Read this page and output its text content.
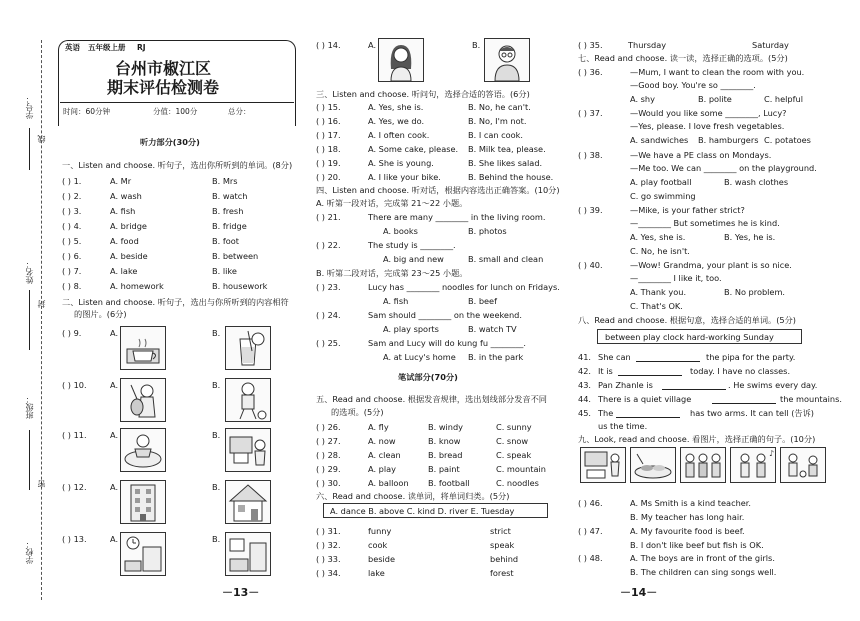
学号：
姓名：
班级：
学校：
线
封
密
英语 五年级上册 RJ
台州市椒江区
期末评估检测卷
时间：60分钟	分值：100分	总分：
听力部分(30分)
一、Listen and choose. 听句子，选出你所听到的单词。(8分)
( ) 1.	A. Mr	B. Mrs
( ) 2.	A. wash	B. watch
( ) 3.	A. fish	B. fresh
( ) 4.	A. bridge	B. fridge
( ) 5.	A. food	B. foot
( ) 6.	A. beside	B. between
( ) 7.	A. lake	B. like
( ) 8.	A. homework	B. housework
二、Listen and choose. 听句子，选出与你所听到的内容相符
的图片。(6分)
( ) 9.	A.	B.
( ) 10.	A.	B.
( ) 11.	A.	B.
( ) 12.	A.	B.
( ) 13.	A.	B.
－13－
( ) 14.	A.	B.
三、Listen and choose. 听问句，选择合适的答语。(6分)
( ) 15.	A. Yes, she is.	B. No, he can't.
( ) 16.	A. Yes, we do.	B. No, I'm not.
( ) 17.	A. I often cook.	B. I can cook.
( ) 18.	A. Some cake, please. B. Milk tea, please.
( ) 19.	A. She is young.	B. She likes salad.
( ) 20.	A. I like your bike.	B. Behind the house.
四、Listen and choose. 听对话，根据内容选出正确答案。(10分)
A. 听第一段对话，完成第 21～22 小题。
( ) 21.	There are many ________ in the living room.
A. books	B. photos
( ) 22.	The study is ________.
A. big and new	B. small and clean
B. 听第二段对话，完成第 23～25 小题。
( ) 23.	Lucy has ________ noodles for lunch on Fridays.
A. fish	B. beef
( ) 24.	Sam should ________ on the weekend.
A. play sports	B. watch TV
( ) 25.	Sam and Lucy will do kung fu ________.
A. at Lucy's home B. in the park
笔试部分(70分)
五、Read and choose. 根据发音规律，选出划线部分发音不同
的选项。(5分)
( ) 26.	A. fly	B. windy	C. sunny
( ) 27.	A. now	B. know	C. snow
( ) 28.	A. clean	B. bread	C. speak
( ) 29.	A. play	B. paint	C. mountain
( ) 30.	A. balloon B. football	C. noodles
六、Read and choose. 读单词，将单词归类。(5分)
A. dance B. above C. kind D. river E. Tuesday
( ) 31.	funny	strict
( ) 32.	cook	speak
( ) 33.	beside	behind
( ) 34.	lake	forest
( ) 35.	Thursday	Saturday
七、Read and choose. 读一读，选择正确的选项。(5分)
( ) 36.	—Mum, I want to clean the room with you.
—Good boy. You're so ________.
A. shy	B. polite	C. helpful
( ) 37.	—Would you like some ________, Lucy?
—Yes, please. I love fresh vegetables.
A. sandwiches B. hamburgers C. potatoes
( ) 38.	—We have a PE class on Mondays.
—Me too. We can ________ on the playground.
A. play football	B. wash clothes
C. go swimming
( ) 39.	—Mike, is your father strict?
—________ But sometimes he is kind.
A. Yes, she is.	B. Yes, he is.
C. No, he isn't.
( ) 40.	—Wow! Grandma, your plant is so nice.
—________ I like it, too.
A. Thank you.	B. No problem.
C. That's OK.
八、Read and choose. 根据句意，选择合适的单词。(5分)
between play clock hard-working Sunday
41. She can	the pipa for the party.
42. It is	today. I have no classes.
43. Pan Zhanle is	. He swims every day.
44. There is a quiet village	the mountains.
45. The	has two arms. It can tell (告诉)
us the time.
九、Look, read and choose. 看图片，选择正确的句子。(10分)
♪
( ) 46.	A. Ms Smith is a kind teacher.
B. My teacher has long hair.
( ) 47.	A. My favourite food is beef.
B. I don't like beef but fish is OK.
( ) 48.	A. The boys are in front of the girls.
B. The children can sing songs well.
－14－
